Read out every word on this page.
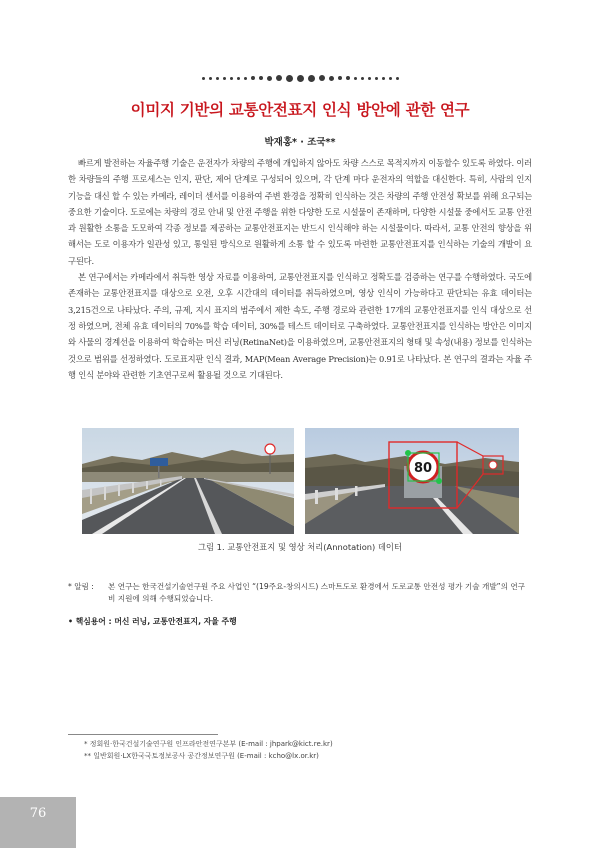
이미지 기반의 교통안전표지 인식 방안에 관한 연구
박재홍* · 조국**

빠르게 발전하는 자율주행 기술은 운전자가 차량의 주행에 개입하지 않아도 차량 스스로 목적지까지 이동할수 있도록 하였다. 이러한 차량들의 주행 프로세스는 인지, 판단, 제어 단계로 구성되어 있으며, 각 단계 마다 운전자의 역할을 대신한다. 특히, 사람의 인지 기능을 대신 할 수 있는 카메라, 레이더 센서를 이용하여 주변 환경을 정확히 인식하는 것은 차량의 주행 안전성 확보를 위해 요구되는 중요한 기술이다. 도로에는 차량의 경로 안내 및 안전 주행을 위한 다양한 도로 시설물이 존재하며, 다양한 시설물 중에서도 교통 안전과 원활한 소통을 도모하여 각종 정보를 제공하는 교통안전표지는 반드시 인식해야 하는 시설물이다. 따라서, 교통 안전의 향상을 위해서는 도로 이용자가 일관성 있고, 통일된 방식으로 원활하게 소통 할 수 있도록 마련한 교통안전표지를 인식하는 기술의 개발이 요구된다.

본 연구에서는 카메라에서 취득한 영상 자료를 이용하여, 교통안전표지를 인식하고 정확도를 검증하는 연구를 수행하였다. 국도에 존재하는 교통안전표지를 대상으로 오전, 오후 시간대의 데이터를 취득하였으며, 영상 인식이 가능하다고 판단되는 유효 데이터는 3,215건으로 나타났다. 주의, 규제, 지시 표지의 범주에서 제한 속도, 주행 경로와 관련한 17개의 교통안전표지를 인식 대상으로 선정 하였으며, 전체 유효 데이터의 70%를 학습 데이터, 30%를 테스트 데이터로 구축하였다. 교통안전표지를 인식하는 방안은 이미지와 사물의 경계선을 이용하여 학습하는 머신 러닝(RetinaNet)을 이용하였으며, 교통안전표지의 형태 및 속성(내용) 정보를 인식하는 것으로 범위를 선정하였다. 도로표지판 인식 결과, MAP(Mean Average Precision)는 0.91로 나타났다. 본 연구의 결과는 자율 주행 인식 분야와 관련한 기초연구로써 활용될 것으로 기대된다.

80
그림 1. 교통안전표지 및 영상 처리(Annotation) 데이터
* 알림 :	본 연구는 한국건설기술연구원 주요 사업인 “(19주요-창의시드) 스마트도로 환경에서 도로교통 안전성 평가 기술 개발”의 연구비 지원에 의해 수행되었습니다.
• 핵심용어 : 머신 러닝, 교통안전표지, 자율 주행
* 정회원·한국건설기술연구원 인프라안전연구본부 (E-mail : jhpark@kict.re.kr)
** 일반회원·LX한국국토정보공사 공간정보연구원 (E-mail : kcho@lx.or.kr)
76
